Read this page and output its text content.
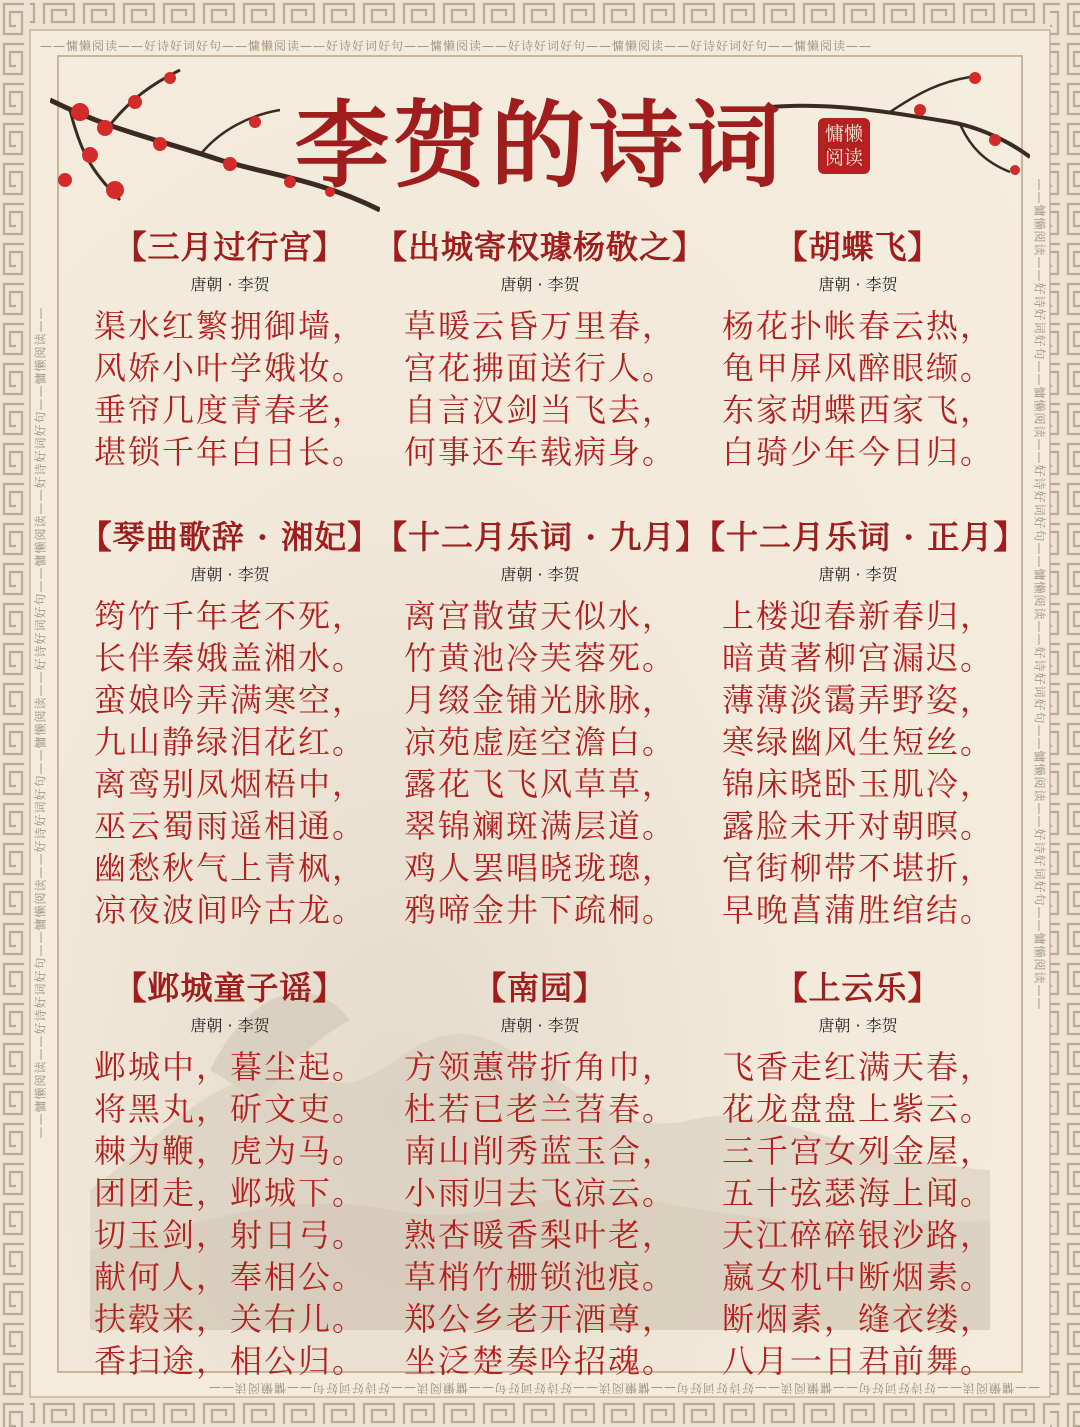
——慵懒阅读——好诗好词好句——慵懒阅读——好诗好词好句——慵懒阅读——好诗好词好句——慵懒阅读——好诗好词好句——慵懒阅读——
——慵懒阅读——好诗好词好句——慵懒阅读——好诗好词好句——慵懒阅读——好诗好词好句——慵懒阅读——好诗好词好句——慵懒阅读——
——慵懒阅读——好诗好词好句——慵懒阅读——好诗好词好句——慵懒阅读——好诗好词好句——慵懒阅读——好诗好词好句——慵懒阅读——	——慵懒阅读——好诗好词好句——慵懒阅读——好诗好词好句——慵懒阅读——好诗好词好句——慵懒阅读——好诗好词好句——慵懒阅读——
李贺的诗词	慵懒
阅读
【三月过行宫】
唐朝 · 李贺
渠水红繁拥御墙，
风娇小叶学娥妆。
垂帘几度青春老，
堪锁千年白日长。
【出城寄权璩杨敬之】
唐朝 · 李贺
草暖云昏万里春，
宫花拂面送行人。
自言汉剑当飞去，
何事还车载病身。
【胡蝶飞】
唐朝 · 李贺
杨花扑帐春云热，
龟甲屏风醉眼缬。
东家胡蝶西家飞，
白骑少年今日归。
【琴曲歌辞 · 湘妃】
唐朝 · 李贺
筠竹千年老不死，
长伴秦娥盖湘水。
蛮娘吟弄满寒空，
九山静绿泪花红。
离鸾别凤烟梧中，
巫云蜀雨遥相通。
幽愁秋气上青枫，
凉夜波间吟古龙。
【十二月乐词 · 九月】
唐朝 · 李贺
离宫散萤天似水，
竹黄池冷芙蓉死。
月缀金铺光脉脉，
凉苑虚庭空澹白。
露花飞飞风草草，
翠锦斓斑满层道。
鸡人罢唱晓珑璁，
鸦啼金井下疏桐。
【十二月乐词 · 正月】
唐朝 · 李贺
上楼迎春新春归，
暗黄著柳宫漏迟。
薄薄淡霭弄野姿，
寒绿幽风生短丝。
锦床晓卧玉肌冷，
露脸未开对朝暝。
官街柳带不堪折，
早晚菖蒲胜绾结。
【邺城童子谣】
唐朝 · 李贺
邺城中，暮尘起。
将黑丸，斫文吏。
棘为鞭，虎为马。
团团走，邺城下。
切玉剑，射日弓。
献何人，奉相公。
扶毂来，关右儿。
香扫途，相公归。
【南园】
唐朝 · 李贺
方领蕙带折角巾，
杜若已老兰苕春。
南山削秀蓝玉合，
小雨归去飞凉云。
熟杏暖香梨叶老，
草梢竹栅锁池痕。
郑公乡老开酒尊，
坐泛楚奏吟招魂。
【上云乐】
唐朝 · 李贺
飞香走红满天春，
花龙盘盘上紫云。
三千宫女列金屋，
五十弦瑟海上闻。
天江碎碎银沙路，
嬴女机中断烟素。
断烟素，缝衣缕，
八月一日君前舞。
